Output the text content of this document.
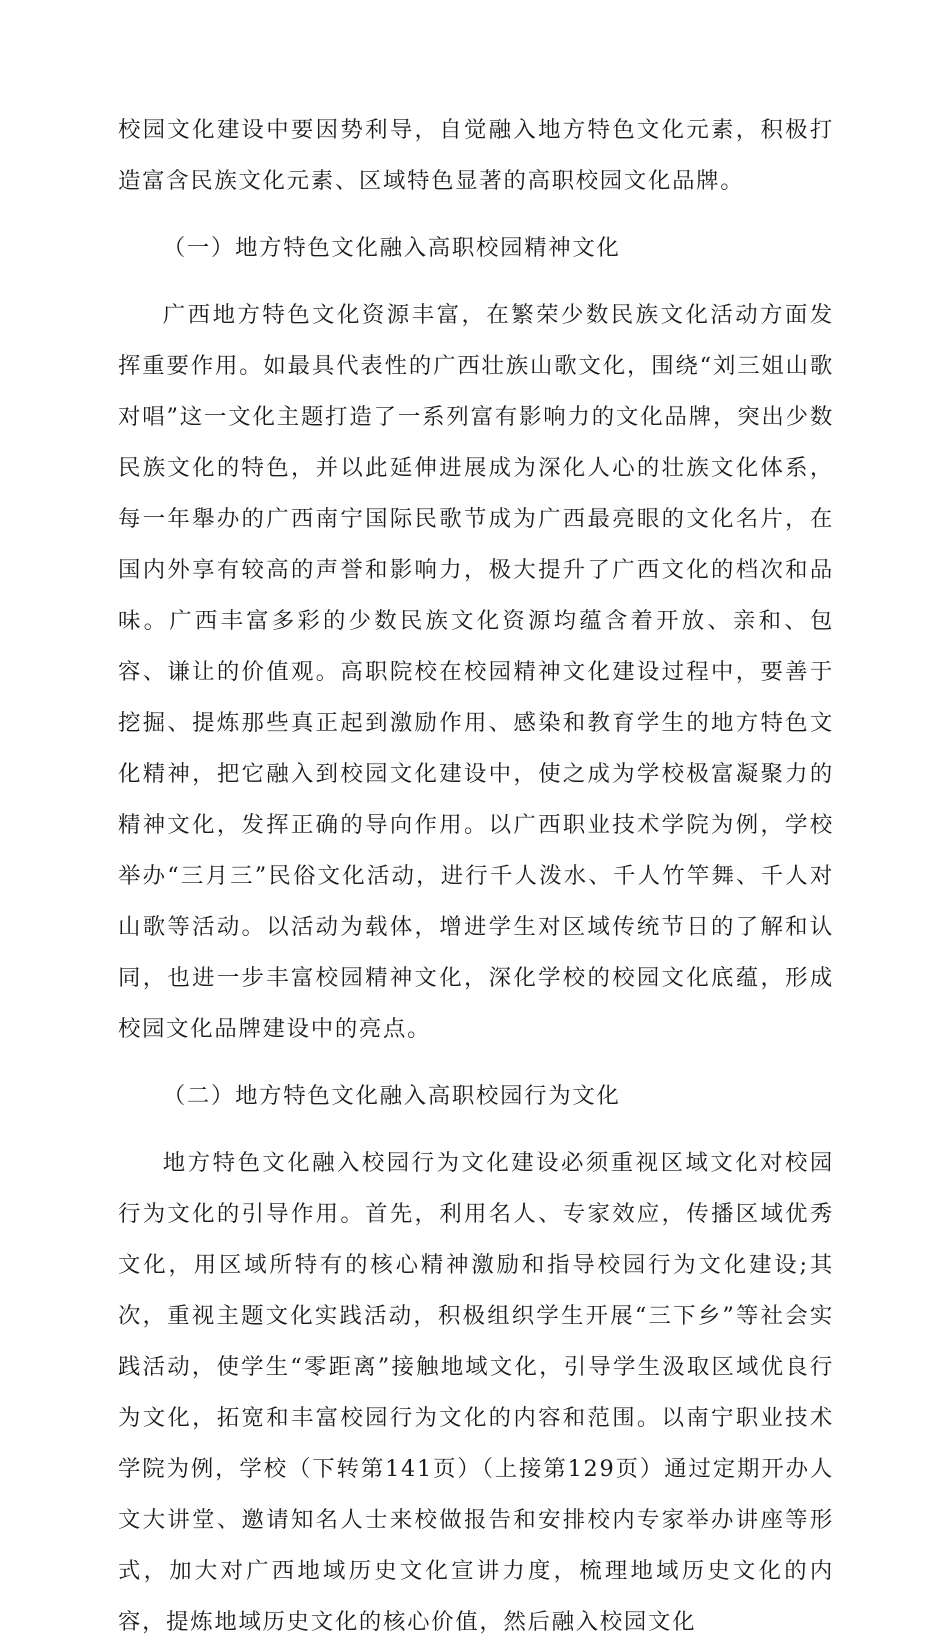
校园文化建设中要因势利导，自觉融入地方特色文化元素，积极打造富含民族文化元素、区域特色显著的高职校园文化品牌。

（一）地方特色文化融入高职校园精神文化

广西地方特色文化资源丰富，在繁荣少数民族文化活动方面发挥重要作用。如最具代表性的广西壮族山歌文化，围绕“刘三姐山歌对唱”这一文化主题打造了一系列富有影响力的文化品牌，突出少数民族文化的特色，并以此延伸进展成为深化人心的壮族文化体系，每一年舉办的广西南宁国际民歌节成为广西最亮眼的文化名片，在国内外享有较高的声誉和影响力，极大提升了广西文化的档次和品味。广西丰富多彩的少数民族文化资源均蕴含着开放、亲和、包容、谦让的价值观。高职院校在校园精神文化建设过程中，要善于挖掘、提炼那些真正起到激励作用、感染和教育学生的地方特色文化精神，把它融入到校园文化建设中，使之成为学校极富凝聚力的精神文化，发挥正确的导向作用。以广西职业技术学院为例，学校举办“三月三”民俗文化活动，进行千人泼水、千人竹竿舞、千人对山歌等活动。以活动为载体，增进学生对区域传统节日的了解和认同，也进一步丰富校园精神文化，深化学校的校园文化底蕴，形成校园文化品牌建设中的亮点。

（二）地方特色文化融入高职校园行为文化

地方特色文化融入校园行为文化建设必须重视区域文化对校园行为文化的引导作用。首先，利用名人、专家效应，传播区域优秀文化，用区域所特有的核心精神激励和指导校园行为文化建设;其次，重视主题文化实践活动，积极组织学生开展“三下乡”等社会实践活动，使学生“零距离”接触地域文化，引导学生汲取区域优良行为文化，拓宽和丰富校园行为文化的内容和范围。以南宁职业技术学院为例，学校（下转第141页）（上接第129页）通过定期开办人文大讲堂、邀请知名人士来校做报告和安排校内专家举办讲座等形式，加大对广西地域历史文化宣讲力度，梳理地域历史文化的内容，提炼地域历史文化的核心价值，然后融入校园文化
